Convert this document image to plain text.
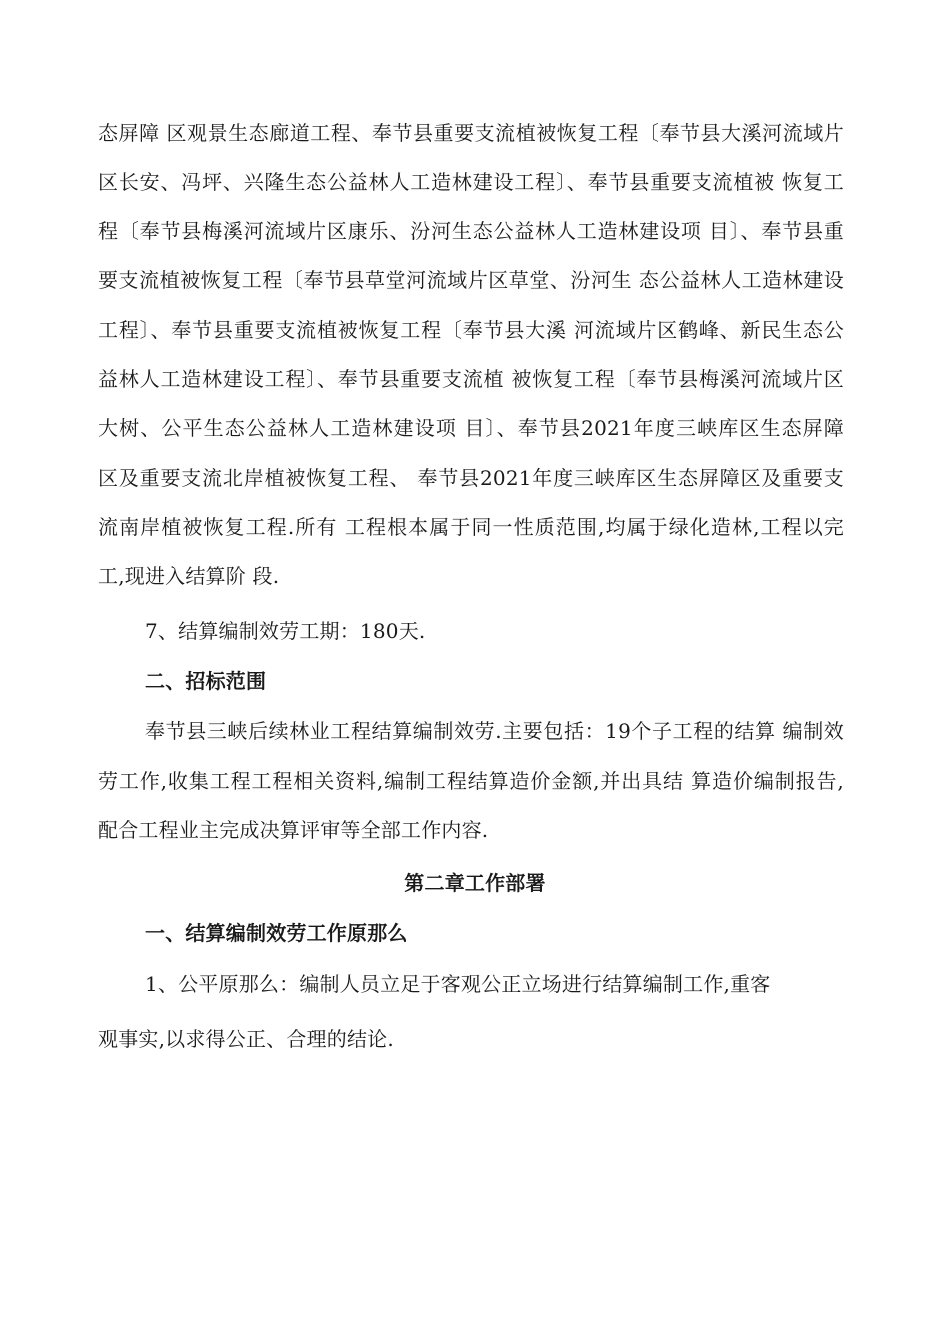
态屏障 区观景生态廊道工程、奉节县重要支流植被恢复工程〔奉节县大溪河流域片
区长安、冯坪、兴隆生态公益林人工造林建设工程〕、奉节县重要支流植被 恢复工
程〔奉节县梅溪河流域片区康乐、汾河生态公益林人工造林建设项 目〕、奉节县重
要支流植被恢复工程〔奉节县草堂河流域片区草堂、汾河生 态公益林人工造林建设
工程〕、奉节县重要支流植被恢复工程〔奉节县大溪 河流域片区鹤峰、新民生态公
益林人工造林建设工程〕、奉节县重要支流植 被恢复工程〔奉节县梅溪河流域片区
大树、公平生态公益林人工造林建设项 目〕、奉节县2021年度三峡库区生态屏障
区及重要支流北岸植被恢复工程、 奉节县2021年度三峡库区生态屏障区及重要支
流南岸植被恢复工程.所有 工程根本属于同一性质范围,均属于绿化造林,工程以完
工,现进入结算阶 段.
7、结算编制效劳工期：180天.
二、招标范围
奉节县三峡后续林业工程结算编制效劳.主要包括：19个子工程的结算 编制效
劳工作,收集工程工程相关资料,编制工程结算造价金额,并出具结 算造价编制报告,
配合工程业主完成决算评审等全部工作内容.
第二章工作部署
一、结算编制效劳工作原那么
1、公平原那么：编制人员立足于客观公正立场进行结算编制工作,重客
观事实,以求得公正、合理的结论.
